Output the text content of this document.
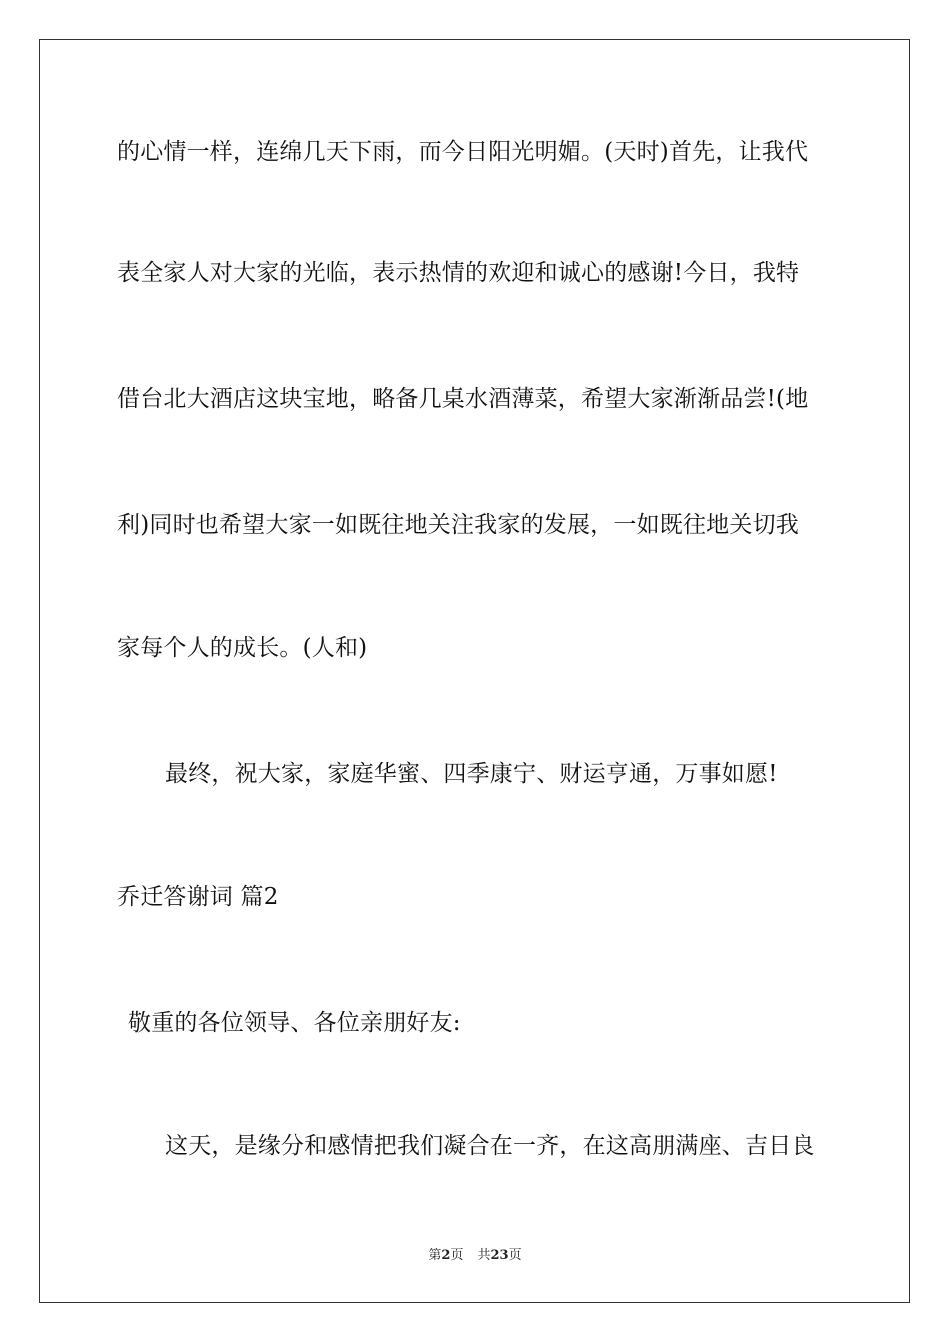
的心情一样，连绵几天下雨，而今日阳光明媚。(天时)首先，让我代
表全家人对大家的光临，表示热情的欢迎和诚心的感谢!今日，我特
借台北大酒店这块宝地，略备几桌水酒薄菜，希望大家渐渐品尝!(地
利)同时也希望大家一如既往地关注我家的发展，一如既往地关切我
家每个人的成长。(人和)
最终，祝大家，家庭华蜜、四季康宁、财运亨通，万事如愿!
乔迁答谢词 篇2
敬重的各位领导、各位亲朋好友:
这天，是缘分和感情把我们凝合在一齐，在这高朋满座、吉日良
第2页 共23页
